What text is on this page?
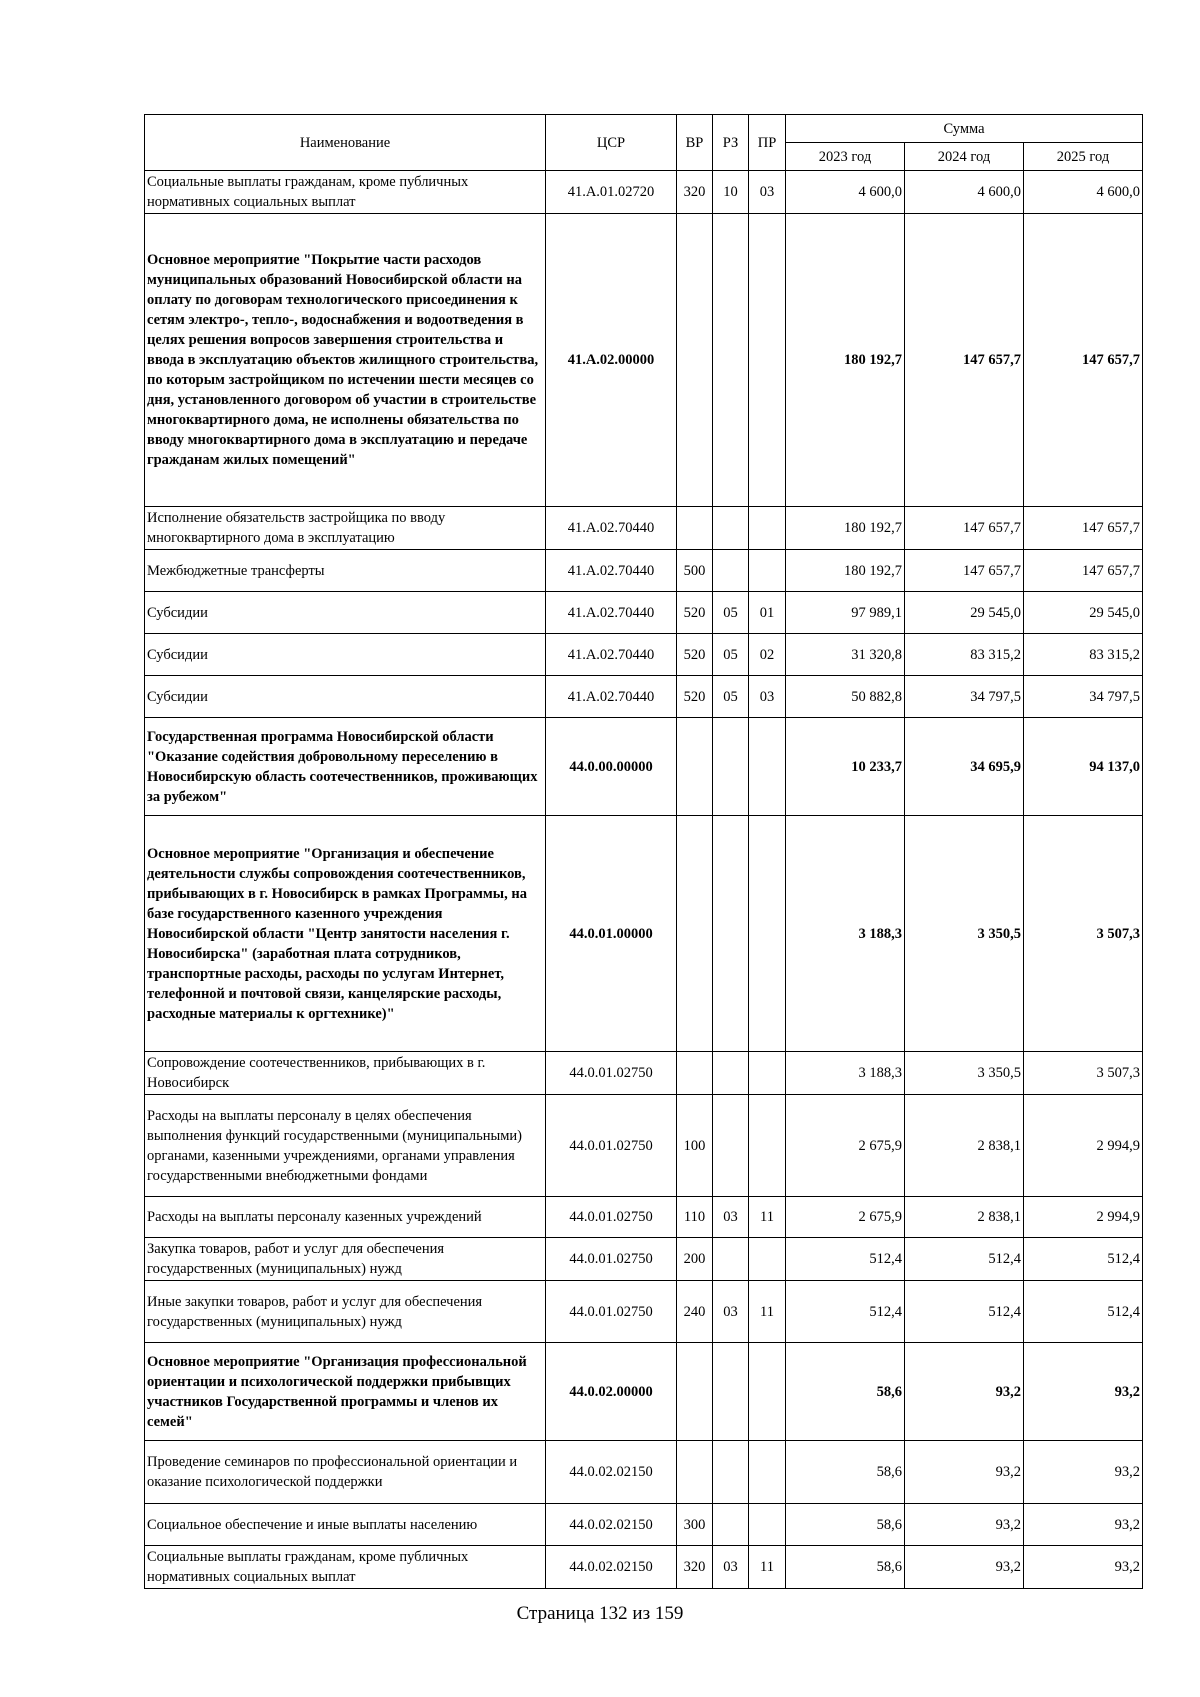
Наименование	ЦСР	ВР	РЗ	ПР	Сумма		
					2023 год	2024 год	2025 год
Социальные выплаты гражданам, кроме публичных нормативных социальных выплат	41.А.01.02720	320	10	03	4 600,0	4 600,0	4 600,0
Основное мероприятие "Покрытие части расходов муниципальных образований Новосибирской области на оплату по договорам технологического присоединения к сетям электро-, тепло-, водоснабжения и водоотведения в целях решения вопросов завершения строительства и ввода в эксплуатацию объектов жилищного строительства, по которым застройщиком по истечении шести месяцев со дня, установленного договором об участии в строительстве многоквартирного дома, не исполнены обязательства по вводу многоквартирного дома в эксплуатацию и передаче гражданам жилых помещений"	41.А.02.00000				180 192,7	147 657,7	147 657,7
Исполнение обязательств застройщика по вводу многоквартирного дома в эксплуатацию	41.А.02.70440				180 192,7	147 657,7	147 657,7
Межбюджетные трансферты	41.А.02.70440	500			180 192,7	147 657,7	147 657,7
Субсидии	41.А.02.70440	520	05	01	97 989,1	29 545,0	29 545,0
Субсидии	41.А.02.70440	520	05	02	31 320,8	83 315,2	83 315,2
Субсидии	41.А.02.70440	520	05	03	50 882,8	34 797,5	34 797,5
Государственная программа Новосибирской области "Оказание содействия добровольному переселению в Новосибирскую область соотечественников, проживающих за рубежом"	44.0.00.00000				10 233,7	34 695,9	94 137,0
Основное мероприятие "Организация и обеспечение деятельности службы сопровождения соотечественников, прибывающих в г. Новосибирск в рамках Программы, на базе государственного казенного учреждения Новосибирской области "Центр занятости населения г. Новосибирска" (заработная плата сотрудников, транспортные расходы, расходы по услугам Интернет, телефонной и почтовой связи, канцелярские расходы, расходные материалы к оргтехнике)"	44.0.01.00000				3 188,3	3 350,5	3 507,3
Сопровождение соотечественников, прибывающих в г. Новосибирск	44.0.01.02750				3 188,3	3 350,5	3 507,3
Расходы на выплаты персоналу в целях обеспечения выполнения функций государственными (муниципальными) органами, казенными учреждениями, органами управления государственными внебюджетными фондами	44.0.01.02750	100			2 675,9	2 838,1	2 994,9
Расходы на выплаты персоналу казенных учреждений	44.0.01.02750	110	03	11	2 675,9	2 838,1	2 994,9
Закупка товаров, работ и услуг для обеспечения государственных (муниципальных) нужд	44.0.01.02750	200			512,4	512,4	512,4
Иные закупки товаров, работ и услуг для обеспечения государственных (муниципальных) нужд	44.0.01.02750	240	03	11	512,4	512,4	512,4
Основное мероприятие "Организация профессиональной ориентации и психологической поддержки прибывщих участников Государственной программы и членов их семей"	44.0.02.00000				58,6	93,2	93,2
Проведение семинаров по профессиональной ориентации и оказание психологической поддержки	44.0.02.02150				58,6	93,2	93,2
Социальное обеспечение и иные выплаты населению	44.0.02.02150	300			58,6	93,2	93,2
Социальные выплаты гражданам, кроме публичных нормативных социальных выплат	44.0.02.02150	320	03	11	58,6	93,2	93,2
Страница 132 из 159
